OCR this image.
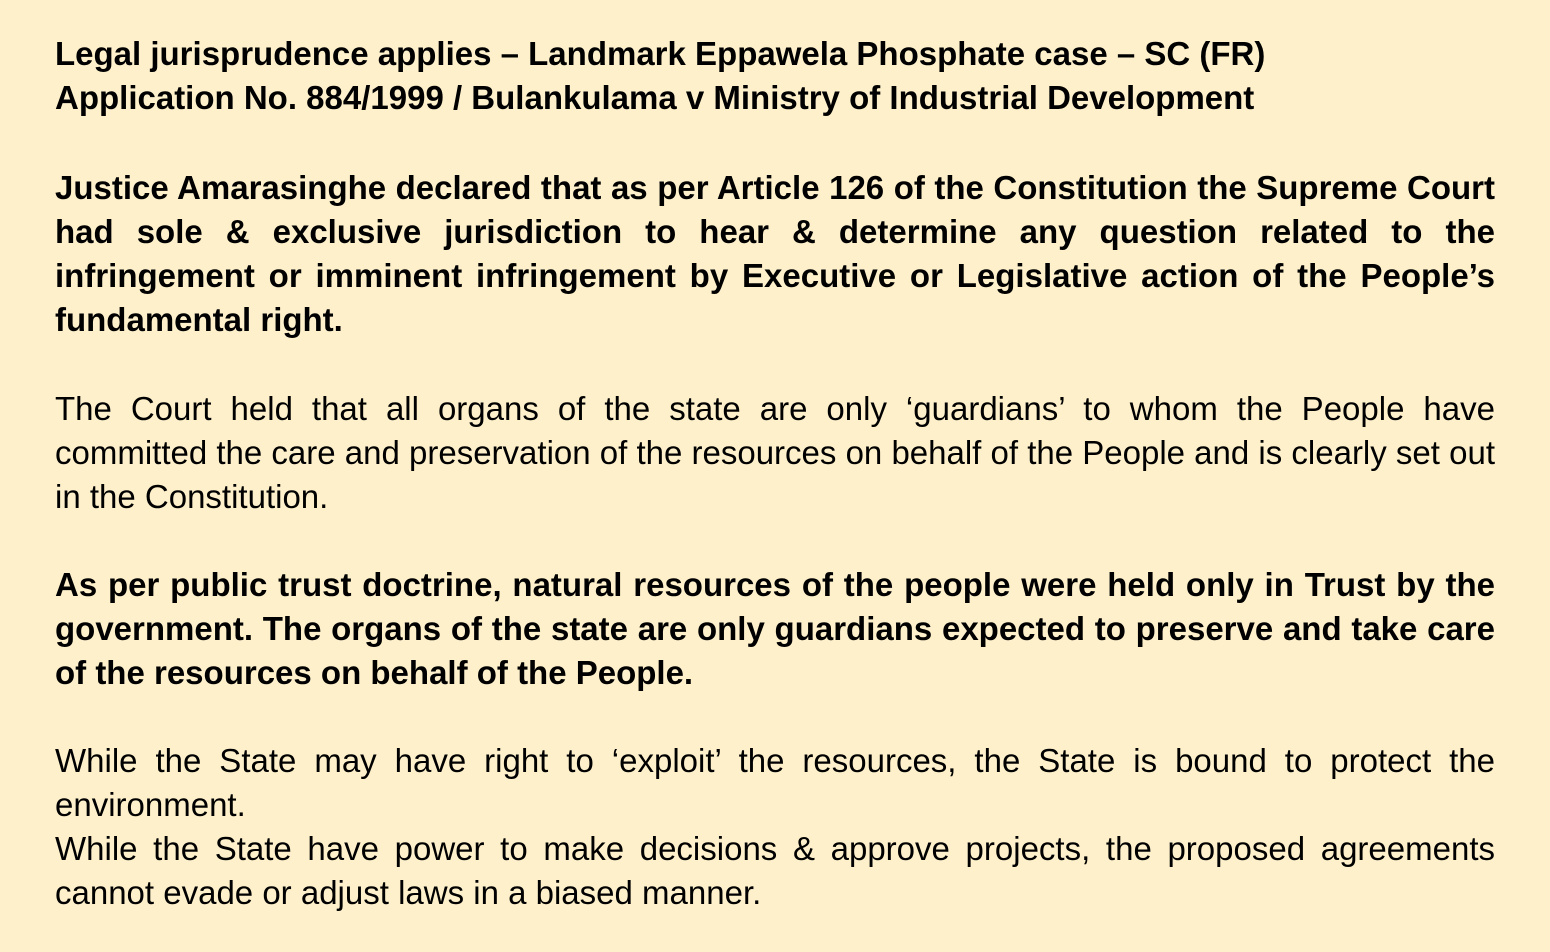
Legal jurisprudence applies – Landmark Eppawela Phosphate case – SC (FR)
Application No. 884/1999 / Bulankulama v Ministry of Industrial Development

Justice Amarasinghe declared that as per Article 126 of the Constitution the Supreme Court had sole & exclusive jurisdiction to hear & determine any question related to the infringement or imminent infringement by Executive or Legislative action of the People’s fundamental right.

The Court held that all organs of the state are only ‘guardians’ to whom the People have committed the care and preservation of the resources on behalf of the People and is clearly set out in the Constitution.

As per public trust doctrine, natural resources of the people were held only in Trust by the government. The organs of the state are only guardians expected to preserve and take care of the resources on behalf of the People.

While the State may have right to ‘exploit’ the resources, the State is bound to protect the environment.

While the State have power to make decisions & approve projects, the proposed agreements cannot evade or adjust laws in a biased manner.
